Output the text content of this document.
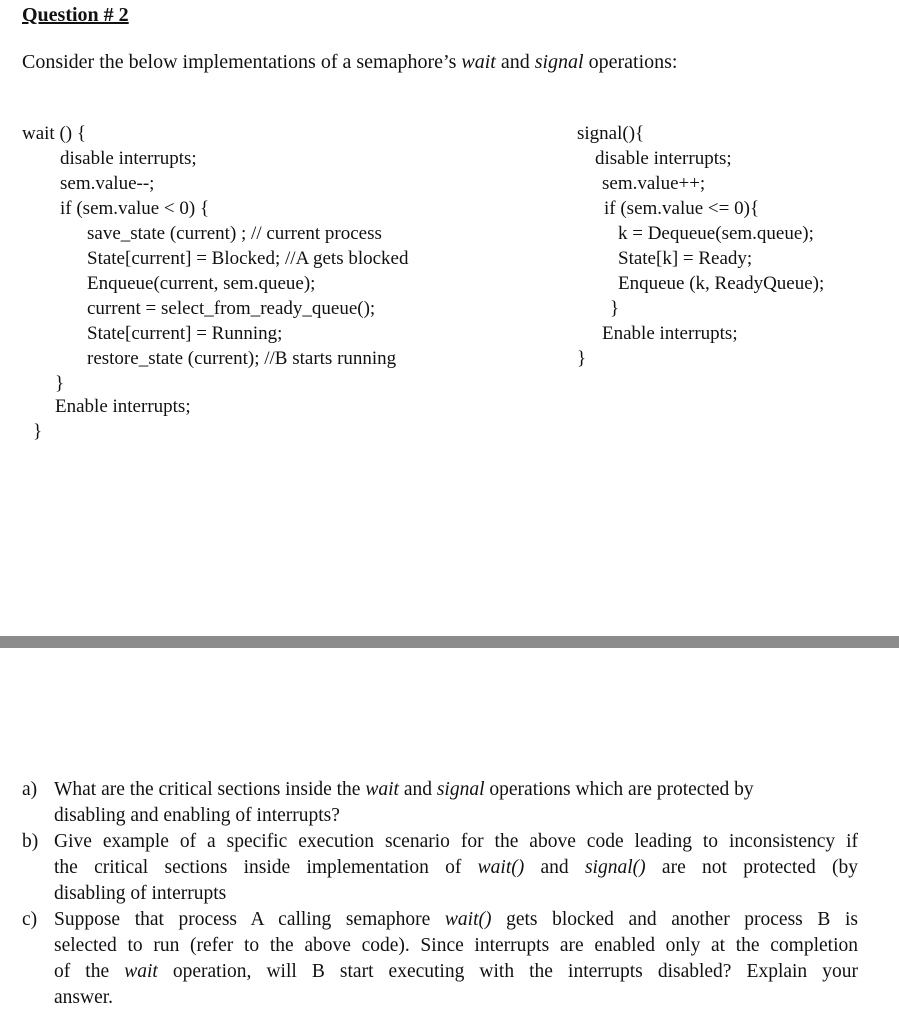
Question # 2
Consider the below implementations of a semaphore’s wait and signal operations:
wait () {
disable interrupts;
sem.value--;
if (sem.value < 0) {
save_state (current) ; // current process
State[current] = Blocked; //A gets blocked
Enqueue(current, sem.queue);
current = select_from_ready_queue();
State[current] = Running;
restore_state (current); //B starts running
}
Enable interrupts;
}
signal(){
disable interrupts;
sem.value++;
if (sem.value <= 0){
k = Dequeue(sem.queue);
State[k] = Ready;
Enqueue (k, ReadyQueue);
}
Enable interrupts;
}
a) What are the critical sections inside the wait and signal operations which are protected by
disabling and enabling of interrupts?
b) Give example of a specific execution scenario for the above code leading to inconsistency if
the critical sections inside implementation of wait() and signal() are not protected (by
disabling of interrupts
c) Suppose that process A calling semaphore wait() gets blocked and another process B is
selected to run (refer to the above code). Since interrupts are enabled only at the completion
of the wait operation, will B start executing with the interrupts disabled? Explain your
answer.
